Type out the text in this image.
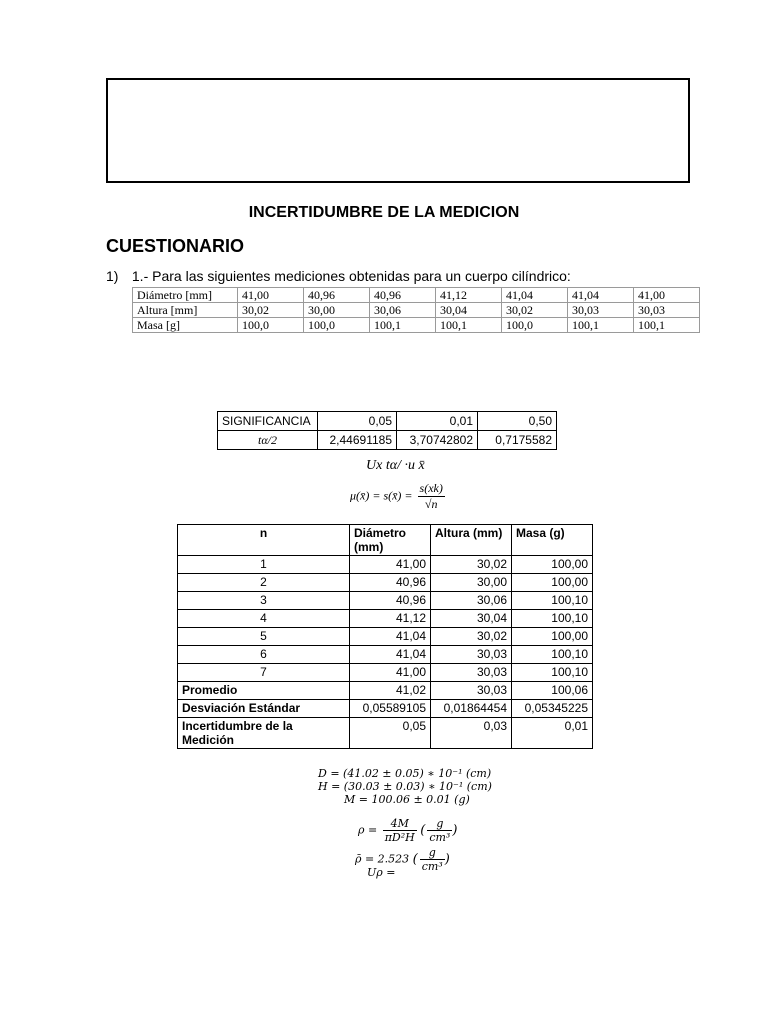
INCERTIDUMBRE DE LA MEDICION
CUESTIONARIO
1) 1.- Para las siguientes mediciones obtenidas para un cuerpo cilíndrico:
Diámetro [mm]	41,00	40,96	40,96	41,12	41,04	41,04	41,00
Altura [mm]	30,02	30,00	30,06	30,04	30,02	30,03	30,03
Masa [g]	100,0	100,0	100,1	100,1	100,0	100,1	100,1
SIGNIFICANCIA	0,05	0,01	0,50
tα/2	2,44691185	3,70742802	0,7175582
Ux tα/ ·u x̄
μ(x̄) = s(x̄) = $\frac{s(xk)}{√n}$
n	Diámetro (mm)	Altura (mm)	Masa (g)
1	41,00	30,02	100,00
2	40,96	30,00	100,00
3	40,96	30,06	100,10
4	41,12	30,04	100,10
5	41,04	30,02	100,00
6	41,04	30,03	100,10
7	41,00	30,03	100,10
Promedio	41,02	30,03	100,06
Desviación Estándar	0,05589105	0,01864454	0,05345225
Incertidumbre de la Medición	0,05	0,03	0,01
D = (41.02 ± 0.05) ∗ 10⁻¹ (cm)
H = (30.03 ± 0.03) ∗ 10⁻¹ (cm)
M = 100.06 ± 0.01 (g)
$\rho = \frac{4M}{\text{πD²H}}$ ( $\frac{g}{\text{cm³}}$ )
ρ̄ = 2.523 ( $\frac{g}{\text{cm³}}$ )
Uρ =
